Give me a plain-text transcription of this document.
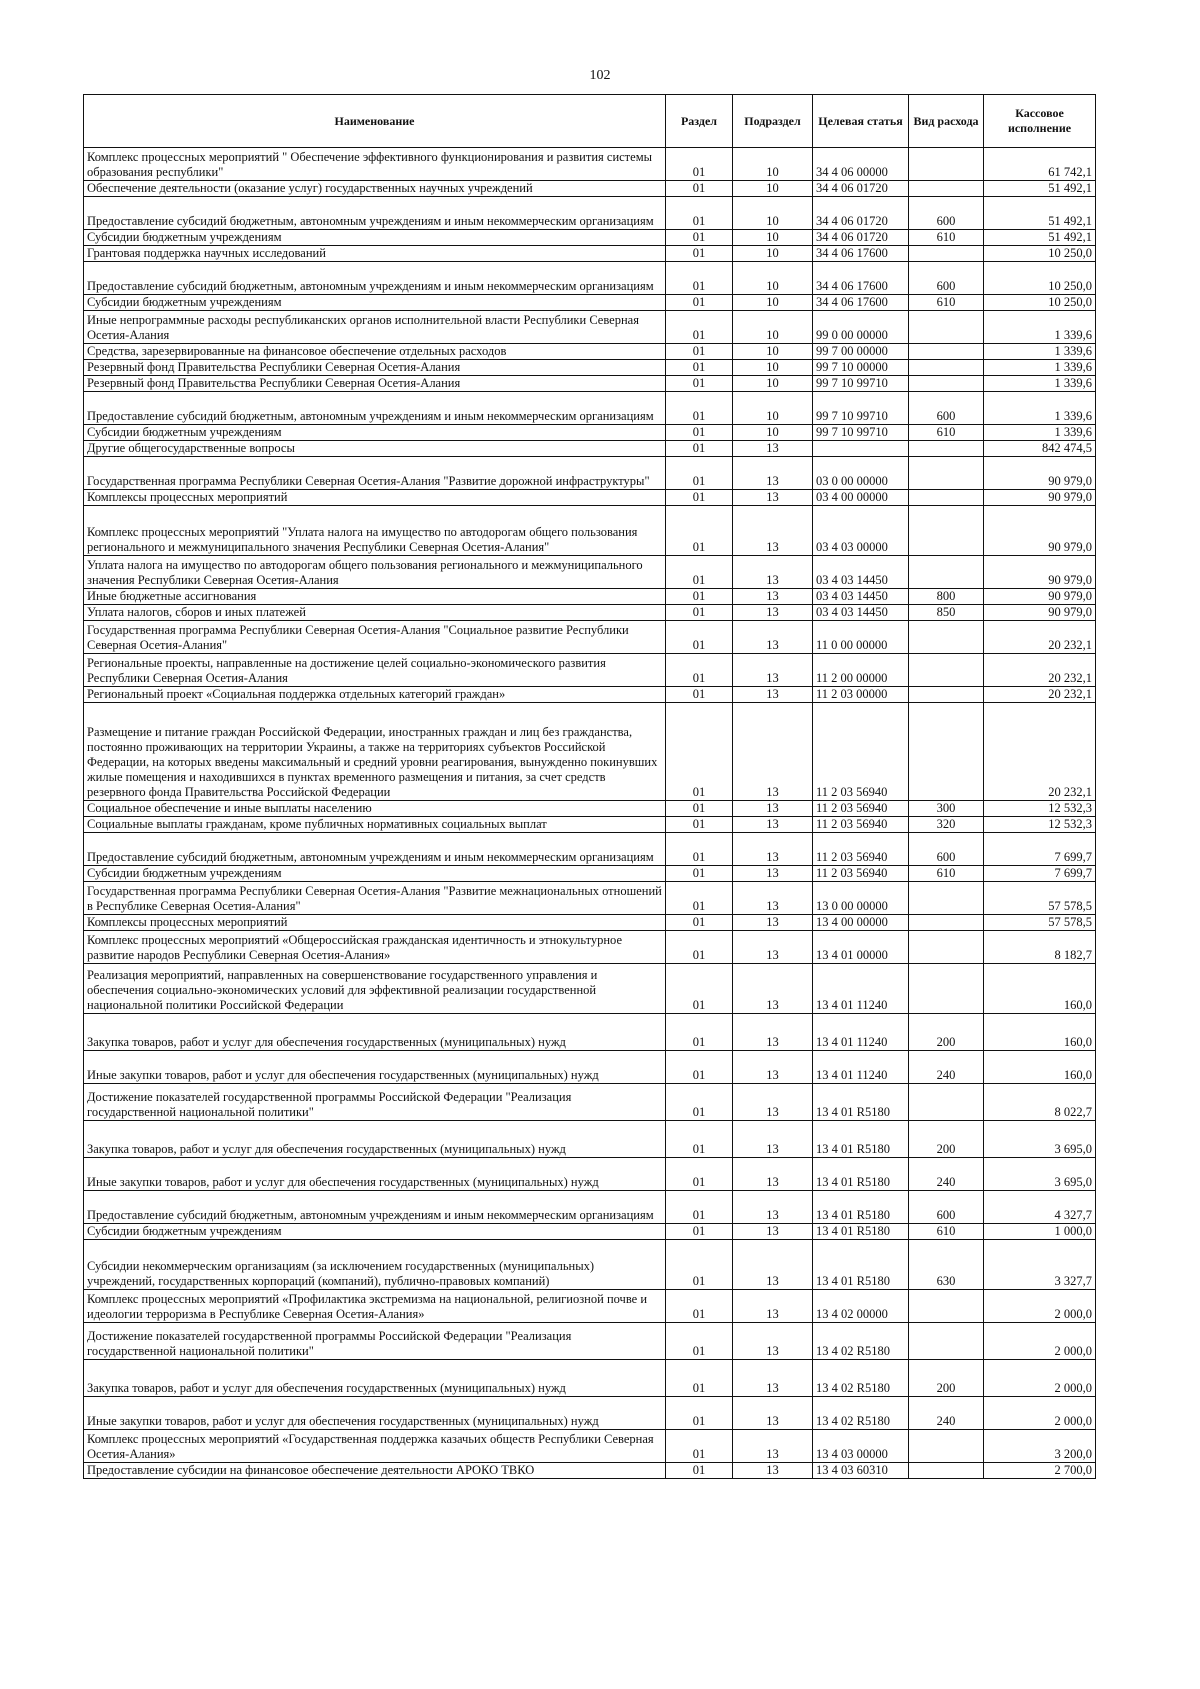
102
Наименование	Раздел	Подраздел	Целевая статья	Вид расхода	Кассовое исполнение
Комплекс процессных мероприятий " Обеспечение эффективного функционирования и развития системы образования республики"	01	10	34 4 06 00000		61 742,1
Обеспечение деятельности (оказание услуг) государственных научных учреждений	01	10	34 4 06 01720		51 492,1
Предоставление субсидий бюджетным, автономным учреждениям и иным некоммерческим организациям	01	10	34 4 06 01720	600	51 492,1
Субсидии бюджетным учреждениям	01	10	34 4 06 01720	610	51 492,1
Грантовая поддержка научных исследований	01	10	34 4 06 17600		10 250,0
Предоставление субсидий бюджетным, автономным учреждениям и иным некоммерческим организациям	01	10	34 4 06 17600	600	10 250,0
Субсидии бюджетным учреждениям	01	10	34 4 06 17600	610	10 250,0
Иные непрограммные расходы республиканских органов исполнительной власти Республики Северная Осетия-Алания	01	10	99 0 00 00000		1 339,6
Средства, зарезервированные на финансовое обеспечение отдельных расходов	01	10	99 7 00 00000		1 339,6
Резервный фонд Правительства Республики Северная Осетия-Алания	01	10	99 7 10 00000		1 339,6
Резервный фонд Правительства Республики Северная Осетия-Алания	01	10	99 7 10 99710		1 339,6
Предоставление субсидий бюджетным, автономным учреждениям и иным некоммерческим организациям	01	10	99 7 10 99710	600	1 339,6
Субсидии бюджетным учреждениям	01	10	99 7 10 99710	610	1 339,6
Другие общегосударственные вопросы	01	13			842 474,5
Государственная программа Республики Северная Осетия-Алания "Развитие дорожной инфраструктуры"	01	13	03 0 00 00000		90 979,0
Комплексы процессных мероприятий	01	13	03 4 00 00000		90 979,0
Комплекс процессных мероприятий "Уплата налога на имущество по автодорогам общего пользования регионального и межмуниципального значения Республики Северная Осетия-Алания"	01	13	03 4 03 00000		90 979,0
Уплата налога на имущество по автодорогам общего пользования регионального и межмуниципального значения Республики Северная Осетия-Алания	01	13	03 4 03 14450		90 979,0
Иные бюджетные ассигнования	01	13	03 4 03 14450	800	90 979,0
Уплата налогов, сборов и иных платежей	01	13	03 4 03 14450	850	90 979,0
Государственная программа Республики Северная Осетия-Алания "Социальное развитие Республики Северная Осетия-Алания"	01	13	11 0 00 00000		20 232,1
Региональные проекты, направленные на достижение целей социально-экономического развития Республики Северная Осетия-Алания	01	13	11 2 00 00000		20 232,1
Региональный проект «Социальная поддержка отдельных категорий граждан»	01	13	11 2 03 00000		20 232,1
Размещение и питание граждан Российской Федерации, иностранных граждан и лиц без гражданства, постоянно проживающих на территории Украины, а также на территориях субъектов Российской Федерации, на которых введены максимальный и средний уровни реагирования, вынужденно покинувших жилые помещения и находившихся в пунктах временного размещения и питания, за счет средств резервного фонда Правительства Российской Федерации	01	13	11 2 03 56940		20 232,1
Социальное обеспечение и иные выплаты населению	01	13	11 2 03 56940	300	12 532,3
Социальные выплаты гражданам, кроме публичных нормативных социальных выплат	01	13	11 2 03 56940	320	12 532,3
Предоставление субсидий бюджетным, автономным учреждениям и иным некоммерческим организациям	01	13	11 2 03 56940	600	7 699,7
Субсидии бюджетным учреждениям	01	13	11 2 03 56940	610	7 699,7
Государственная программа Республики Северная Осетия-Алания "Развитие межнациональных отношений в Республике Северная Осетия-Алания"	01	13	13 0 00 00000		57 578,5
Комплексы процессных мероприятий	01	13	13 4 00 00000		57 578,5
Комплекс процессных мероприятий «Общероссийская гражданская идентичность и этнокультурное развитие народов Республики Северная Осетия-Алания»	01	13	13 4 01 00000		8 182,7
Реализация мероприятий, направленных на совершенствование государственного управления и обеспечения социально-экономических условий для эффективной реализации государственной национальной политики Российской Федерации	01	13	13 4 01 11240		160,0
Закупка товаров, работ и услуг для обеспечения государственных (муниципальных) нужд	01	13	13 4 01 11240	200	160,0
Иные закупки товаров, работ и услуг для обеспечения государственных (муниципальных) нужд	01	13	13 4 01 11240	240	160,0
Достижение показателей государственной программы Российской Федерации "Реализация государственной национальной политики"	01	13	13 4 01 R5180		8 022,7
Закупка товаров, работ и услуг для обеспечения государственных (муниципальных) нужд	01	13	13 4 01 R5180	200	3 695,0
Иные закупки товаров, работ и услуг для обеспечения государственных (муниципальных) нужд	01	13	13 4 01 R5180	240	3 695,0
Предоставление субсидий бюджетным, автономным учреждениям и иным некоммерческим организациям	01	13	13 4 01 R5180	600	4 327,7
Субсидии бюджетным учреждениям	01	13	13 4 01 R5180	610	1 000,0
Субсидии некоммерческим организациям (за исключением государственных (муниципальных) учреждений, государственных корпораций (компаний), публично-правовых компаний)	01	13	13 4 01 R5180	630	3 327,7
Комплекс процессных мероприятий «Профилактика экстремизма на национальной, религиозной почве и идеологии терроризма в Республике Северная Осетия-Алания»	01	13	13 4 02 00000		2 000,0
Достижение показателей государственной программы Российской Федерации "Реализация государственной национальной политики"	01	13	13 4 02 R5180		2 000,0
Закупка товаров, работ и услуг для обеспечения государственных (муниципальных) нужд	01	13	13 4 02 R5180	200	2 000,0
Иные закупки товаров, работ и услуг для обеспечения государственных (муниципальных) нужд	01	13	13 4 02 R5180	240	2 000,0
Комплекс процессных мероприятий «Государственная поддержка казачьих обществ Республики Северная Осетия-Алания»	01	13	13 4 03 00000		3 200,0
Предоставление субсидии на финансовое обеспечение деятельности АРОКО ТВКО	01	13	13 4 03 60310		2 700,0
